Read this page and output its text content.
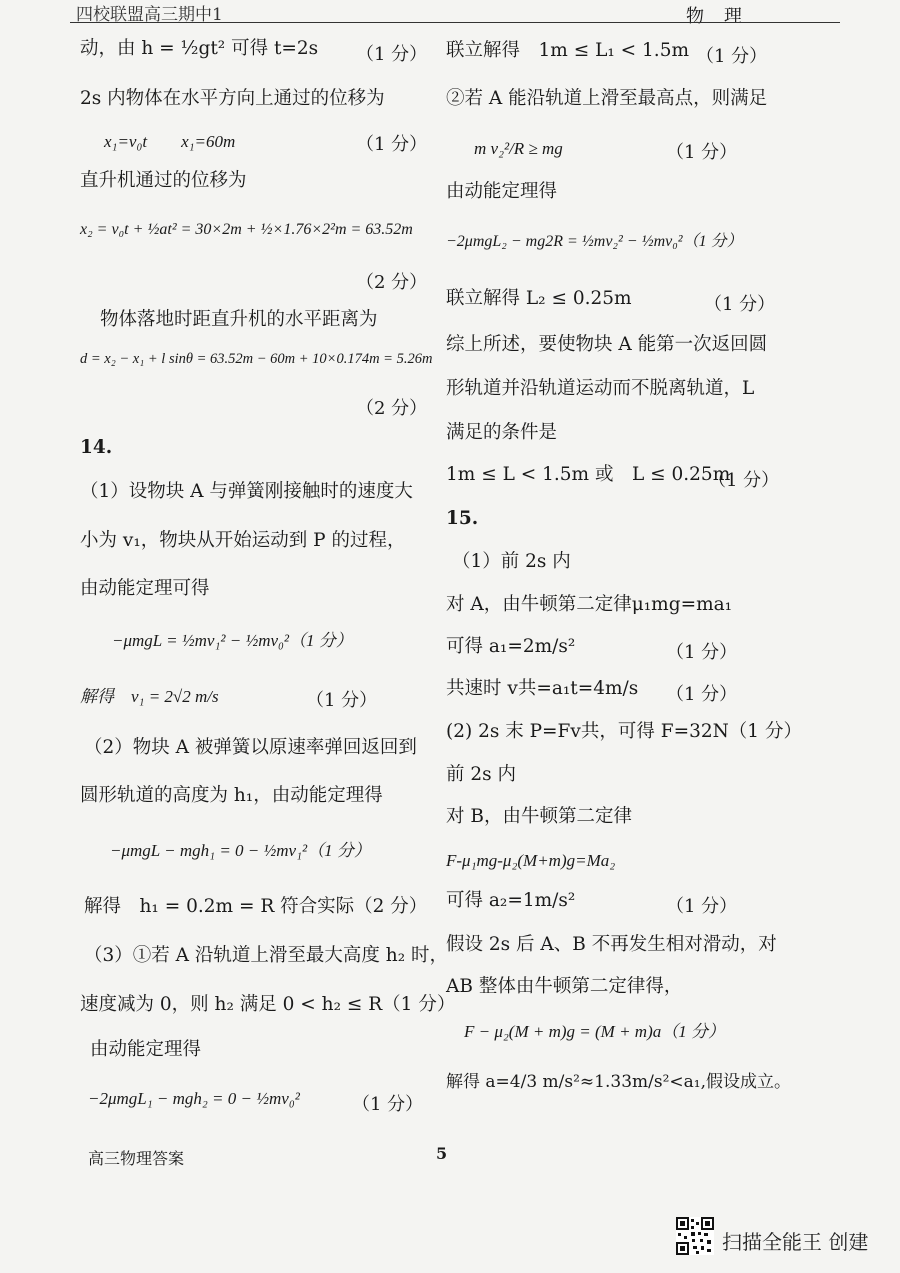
四校联盟高三期中1	物理
动，由 h = ½gt² 可得 t=2s （1 分）
2s 内物体在水平方向上通过的位移为
x₁=v₀t　　x₁=60m	（1 分）
直升机通过的位移为
x₂ = v₀t + ½at² = 30×2m + ½×1.76×2²m = 63.52m
（2 分）
物体落地时距直升机的水平距离为
d = x₂ − x₁ + l sinθ = 63.52m − 60m + 10×0.174m = 5.26m
（2 分）
14.
（1）设物块 A 与弹簧刚接触时的速度大
小为 v₁，物块从开始运动到 P 的过程，
由动能定理可得
−μmgL = ½mv₁² − ½mv₀²（1 分）
解得　v₁ = 2√2 m/s	（1 分）
（2）物块 A 被弹簧以原速率弹回返回到
圆形轨道的高度为 h₁，由动能定理得
−μmgL − mgh₁ = 0 − ½mv₁²（1 分）
解得　h₁ = 0.2m = R 符合实际（2 分）
（3）①若 A 沿轨道上滑至最大高度 h₂ 时，
速度减为 0，则 h₂ 满足 0 < h₂ ≤ R（1 分）
由动能定理得
−2μmgL₁ − mgh₂ = 0 − ½mv₀²	（1 分）
联立解得　1m ≤ L₁ < 1.5m （1 分）
②若 A 能沿轨道上滑至最高点，则满足
m v₂²/R ≥ mg	（1 分）
由动能定理得
−2μmgL₂ − mg2R = ½mv₂² − ½mv₀²（1 分）
联立解得 L₂ ≤ 0.25m	（1 分）
综上所述，要使物块 A 能第一次返回圆
形轨道并沿轨道运动而不脱离轨道，L
满足的条件是
1m ≤ L < 1.5m 或　L ≤ 0.25m
（1 分）
15.
（1）前 2s 内
对 A，由牛顿第二定律μ₁mg=ma₁
可得 a₁=2m/s²	（1 分）
共速时 v共=a₁t=4m/s （1 分）
(2) 2s 末 P=Fv共，可得 F=32N（1 分）
前 2s 内
对 B，由牛顿第二定律
F-μ₁mg-μ₂(M+m)g=Ma₂
可得 a₂=1m/s²	（1 分）
假设 2s 后 A、B 不再发生相对滑动，对
AB 整体由牛顿第二定律得，
F − μ₂(M + m)g = (M + m)a（1 分）
解得 a=4/3 m/s²≈1.33m/s²<a₁,假设成立。
高三物理答案	5
扫描全能王 创建
